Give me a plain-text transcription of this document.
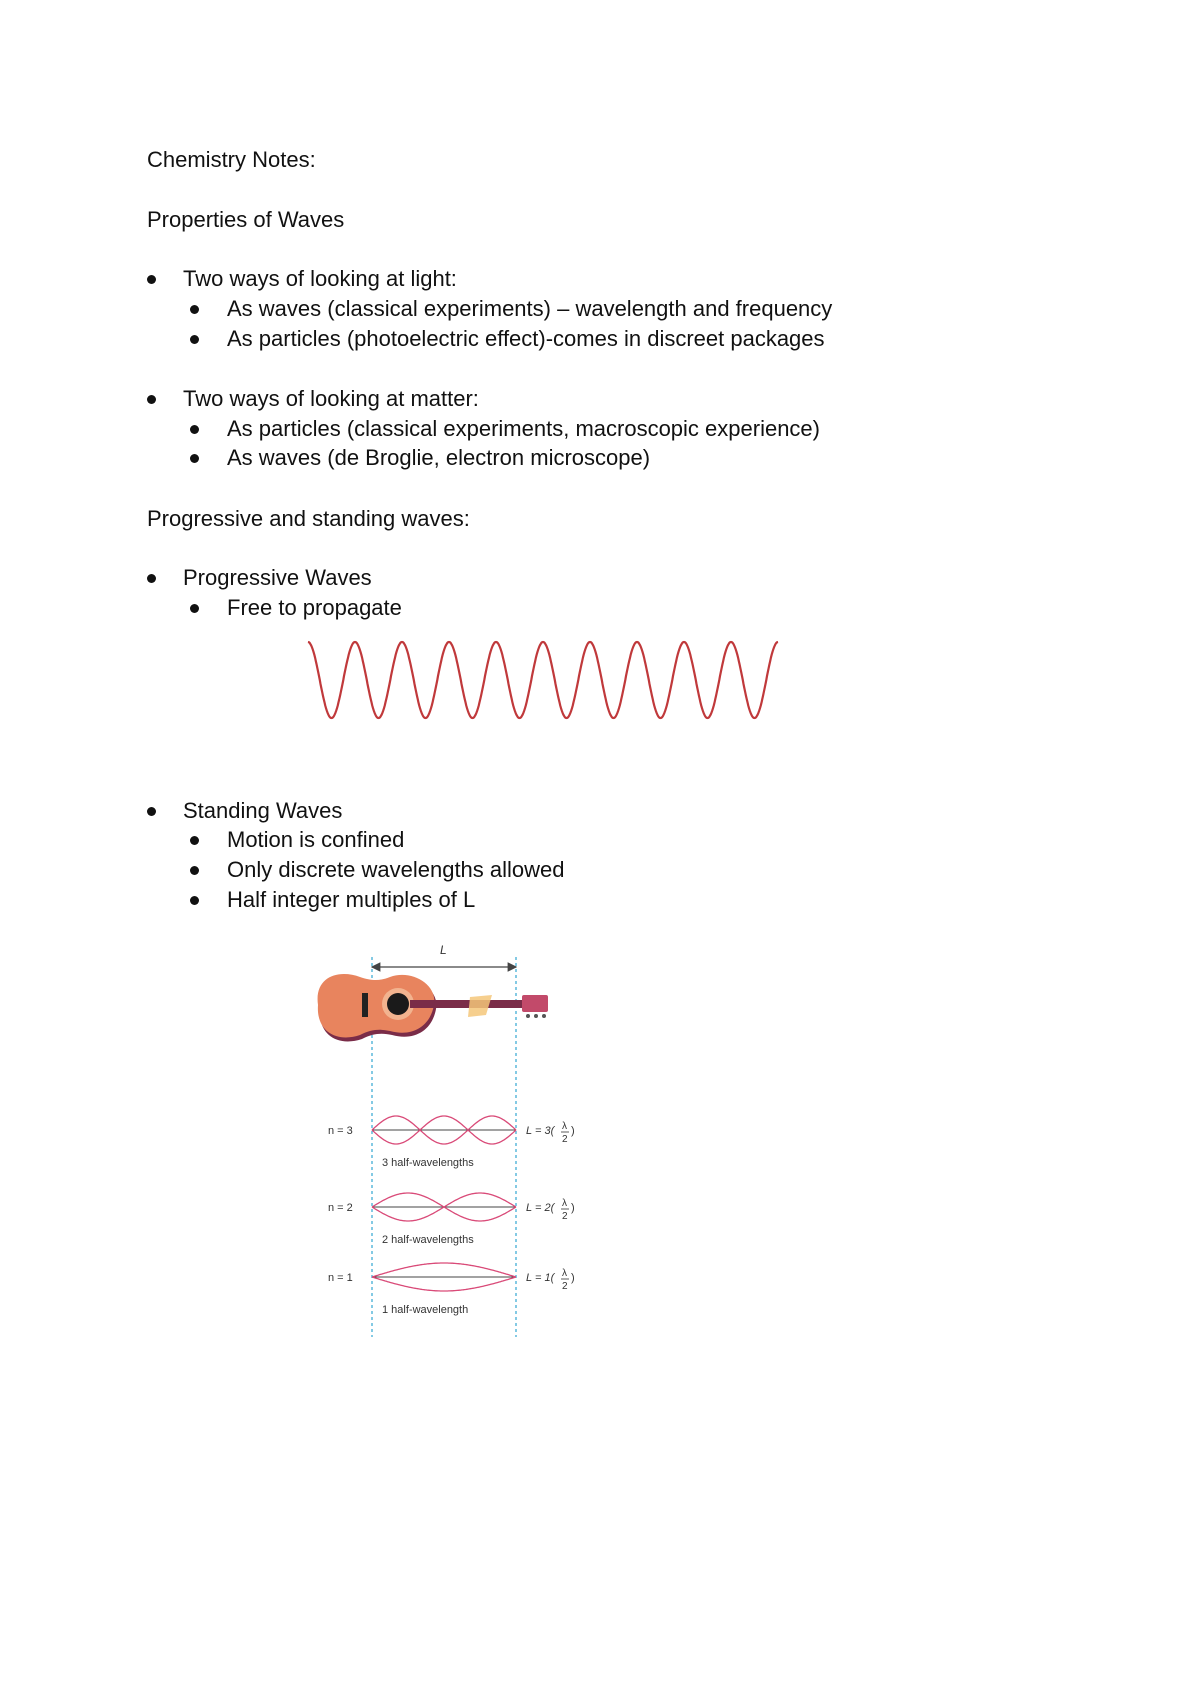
Chemistry Notes:
Properties of Waves
Two ways of looking at light:
As waves (classical experiments) – wavelength and frequency
As particles (photoelectric effect)-comes in discreet packages
Two ways of looking at matter:
As particles (classical experiments, macroscopic experience)
As waves (de Broglie, electron microscope)
Progressive and standing waves:
Progressive Waves
Free to propagate
Standing Waves
Motion is confined
Only discrete wavelengths allowed
Half integer multiples of L
L
n = 3
3 half-wavelengths
L = 3( λ
2
)
n = 2
2 half-wavelengths
L = 2( λ
2
)
n = 1
1 half-wavelength
L = 1( λ
2
)
